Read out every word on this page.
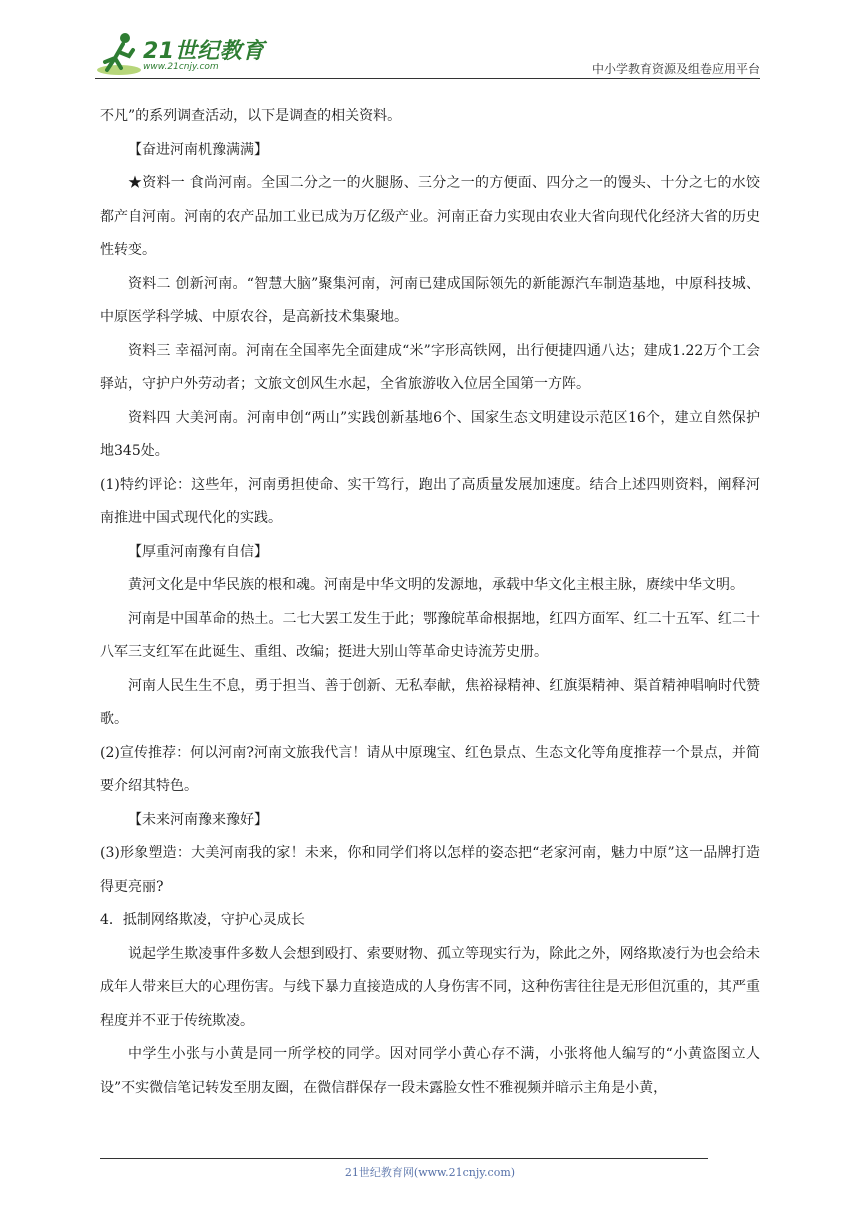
21世纪教育
www.21cnjy.com	中小学教育资源及组卷应用平台

不凡”的系列调查活动，以下是调查的相关资料。

【奋进河南机豫满满】

★资料一 食尚河南。全国二分之一的火腿肠、三分之一的方便面、四分之一的馒头、十分之七的水饺都产自河南。河南的农产品加工业已成为万亿级产业。河南正奋力实现由农业大省向现代化经济大省的历史性转变。

资料二 创新河南。“智慧大脑”聚集河南，河南已建成国际领先的新能源汽车制造基地，中原科技城、中原医学科学城、中原农谷，是高新技术集聚地。

资料三 幸福河南。河南在全国率先全面建成“米”字形高铁网，出行便捷四通八达；建成1.22万个工会驿站，守护户外劳动者；文旅文创风生水起，全省旅游收入位居全国第一方阵。

资料四 大美河南。河南申创“两山”实践创新基地6个、国家生态文明建设示范区16个，建立自然保护地345处。

(1)特约评论：这些年，河南勇担使命、实干笃行，跑出了高质量发展加速度。结合上述四则资料，阐释河南推进中国式现代化的实践。

【厚重河南豫有自信】

黄河文化是中华民族的根和魂。河南是中华文明的发源地，承载中华文化主根主脉，赓续中华文明。

河南是中国革命的热土。二七大罢工发生于此；鄂豫皖革命根据地，红四方面军、红二十五军、红二十八军三支红军在此诞生、重组、改编；挺进大别山等革命史诗流芳史册。

河南人民生生不息，勇于担当、善于创新、无私奉献，焦裕禄精神、红旗渠精神、渠首精神唱响时代赞歌。

(2)宣传推荐：何以河南?河南文旅我代言！请从中原瑰宝、红色景点、生态文化等角度推荐一个景点，并简要介绍其特色。

【未来河南豫来豫好】

(3)形象塑造：大美河南我的家！未来，你和同学们将以怎样的姿态把“老家河南，魅力中原”这一品牌打造得更亮丽?

4．抵制网络欺凌，守护心灵成长

说起学生欺凌事件多数人会想到殴打、索要财物、孤立等现实行为，除此之外，网络欺凌行为也会给未成年人带来巨大的心理伤害。与线下暴力直接造成的人身伤害不同，这种伤害往往是无形但沉重的，其严重程度并不亚于传统欺凌。

中学生小张与小黄是同一所学校的同学。因对同学小黄心存不满，小张将他人编写的“小黄盗图立人设”不实微信笔记转发至朋友圈，在微信群保存一段未露脸女性不雅视频并暗示主角是小黄，

21世纪教育网(www.21cnjy.com)
